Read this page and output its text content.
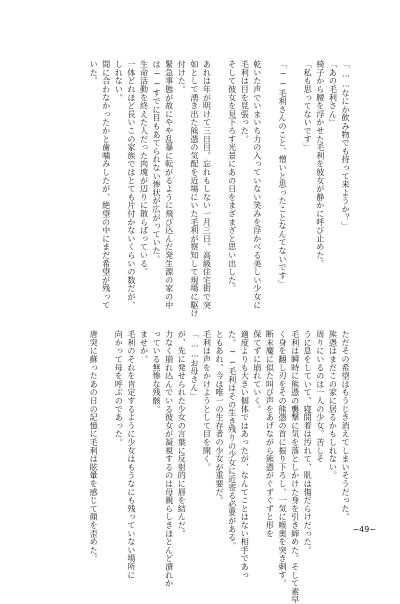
「……なにか飲み物でも持って来ようか？」
「あの毛利さん」
椅子から腰を浮かせた毛利を彼女が静かに呼び止めた。
「私も思ってないです」

「──毛利さんのこと、憎いと思ったことなんてないです」

乾いた声でいまいち力の入っていない笑みを浮かべる美しい少女に
毛利は目を見張った。
そして彼女を見下ろす光景にあの日をまざまざと思い出した。

あれは年が明けて三日目。忘れもしない一月三日。高級住宅街で突
如として湧き出た熊憑の気配を近場にいた毛利が察知して現場に駆け
付けた。
緊急事態が故にやや乱暴に転がるように飛び込んだ発生源の家の中
は──すでに目もあてられない惨状が広がっていた。
生命活動を終えた人だった肉塊が辺りに散らばっている。
一体どれほど長いこの家族ではとても片付かないくらいの数だが、
しれない。
間に合わなかったかと歯噛みしたが、絶望の中にまだ希望が残って
いた。
ただその希望はもうじき消えてしまいそうだった。
熊憑はまだこの家に居るかもしれない。
周りにいるのは一人の少女。苦しそ
うに息をしていて、寝間着は汚れて、肌は傷だらけだった。
毛利は瞬時に熊憑の襲撃に気を落としかけた身を引き締めた。そして素早
く身を翻し刃をその熊憑の首に振り下ろし、一気に喉奥を突き刺す。
断末魔に似た叫び声をあげながら熊憑がぐずぐずと形を
保てずに崩れていく。
適度よりも大きい個体ではあったが、なんてことはない相手であっ
た。──毛利はその生き残りの少女に近寄る必要がある。
ともあれ、今は唯一の生存者の少女が重要だ。
毛利は声をかけようとして目を開く。
「……お母さん」
が、先に発せられた少女の言葉に反射的に唇を結んだ。
力なく崩れ込んでいる彼女が凝視するのは母親らしきほとんど潰れか
っている無惨な残骸。
ませか。
毛利のそれを肯定するように少女はもうなにも残っていない場所に
向かって母を呼ぶのであった。

唐突に蘇ったあの日の記憶に毛利は眩暈を感じて顔を歪めた。	−49−
